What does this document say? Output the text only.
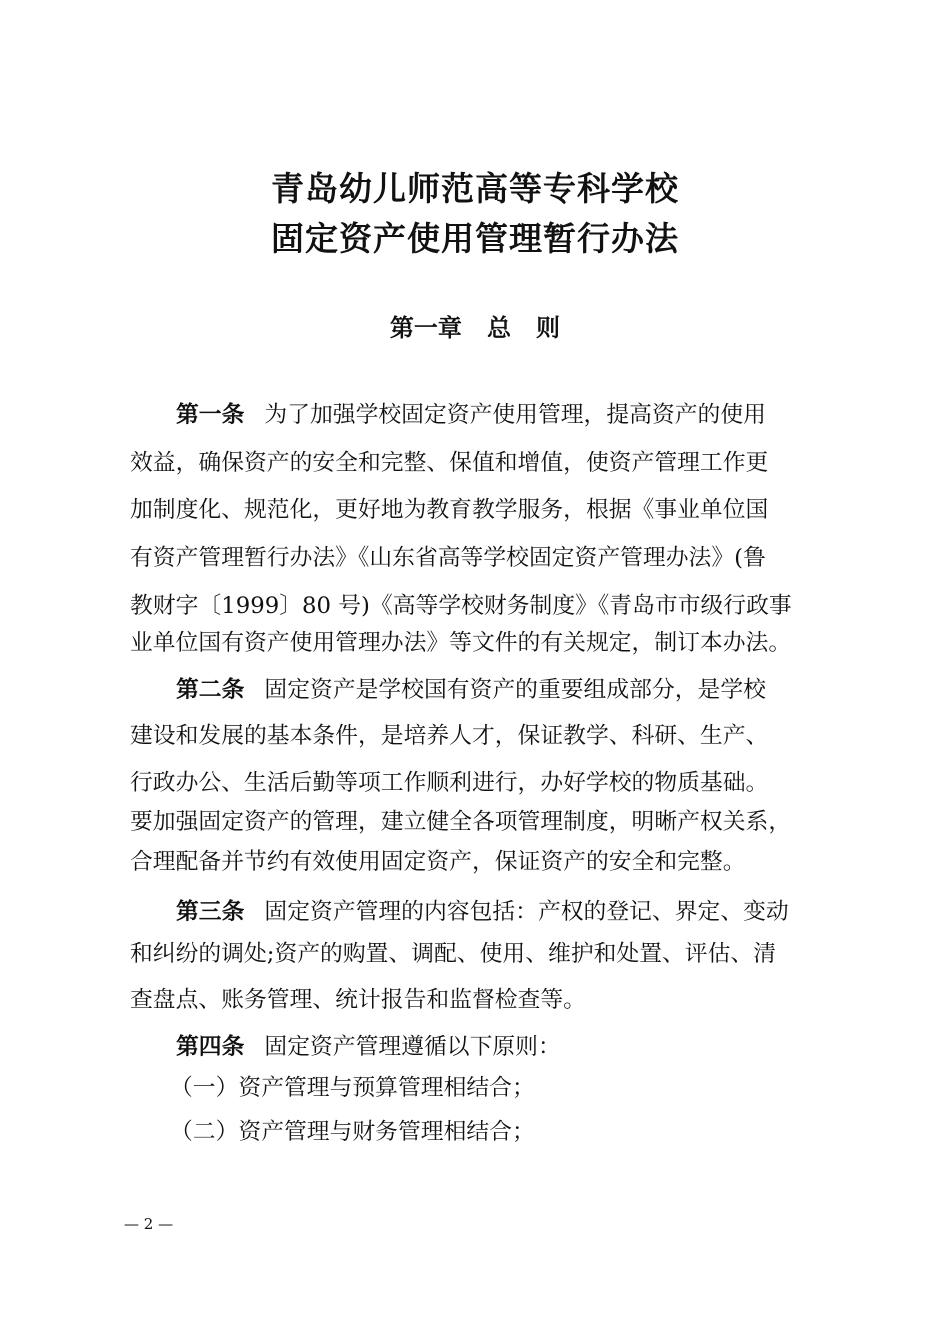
青岛幼儿师范高等专科学校
固定资产使用管理暂行办法
第一章   总   则
第一条 为了加强学校固定资产使用管理，提高资产的使用
效益，确保资产的安全和完整、保值和增值，使资产管理工作更
加制度化、规范化，更好地为教育教学服务，根据《事业单位国
有资产管理暂行办法》《山东省高等学校固定资产管理办法》(鲁
教财字〔1999〕80 号)《高等学校财务制度》《青岛市市级行政事
业单位国有资产使用管理办法》等文件的有关规定，制订本办法。
第二条 固定资产是学校国有资产的重要组成部分，是学校
建设和发展的基本条件，是培养人才，保证教学、科研、生产、
行政办公、生活后勤等项工作顺利进行，办好学校的物质基础。
要加强固定资产的管理，建立健全各项管理制度，明晰产权关系，
合理配备并节约有效使用固定资产，保证资产的安全和完整。
第三条 固定资产管理的内容包括：产权的登记、界定、变动
和纠纷的调处;资产的购置、调配、使用、维护和处置、评估、清
查盘点、账务管理、统计报告和监督检查等。
第四条 固定资产管理遵循以下原则：
（一）资产管理与预算管理相结合；
（二）资产管理与财务管理相结合；
— 2 —
